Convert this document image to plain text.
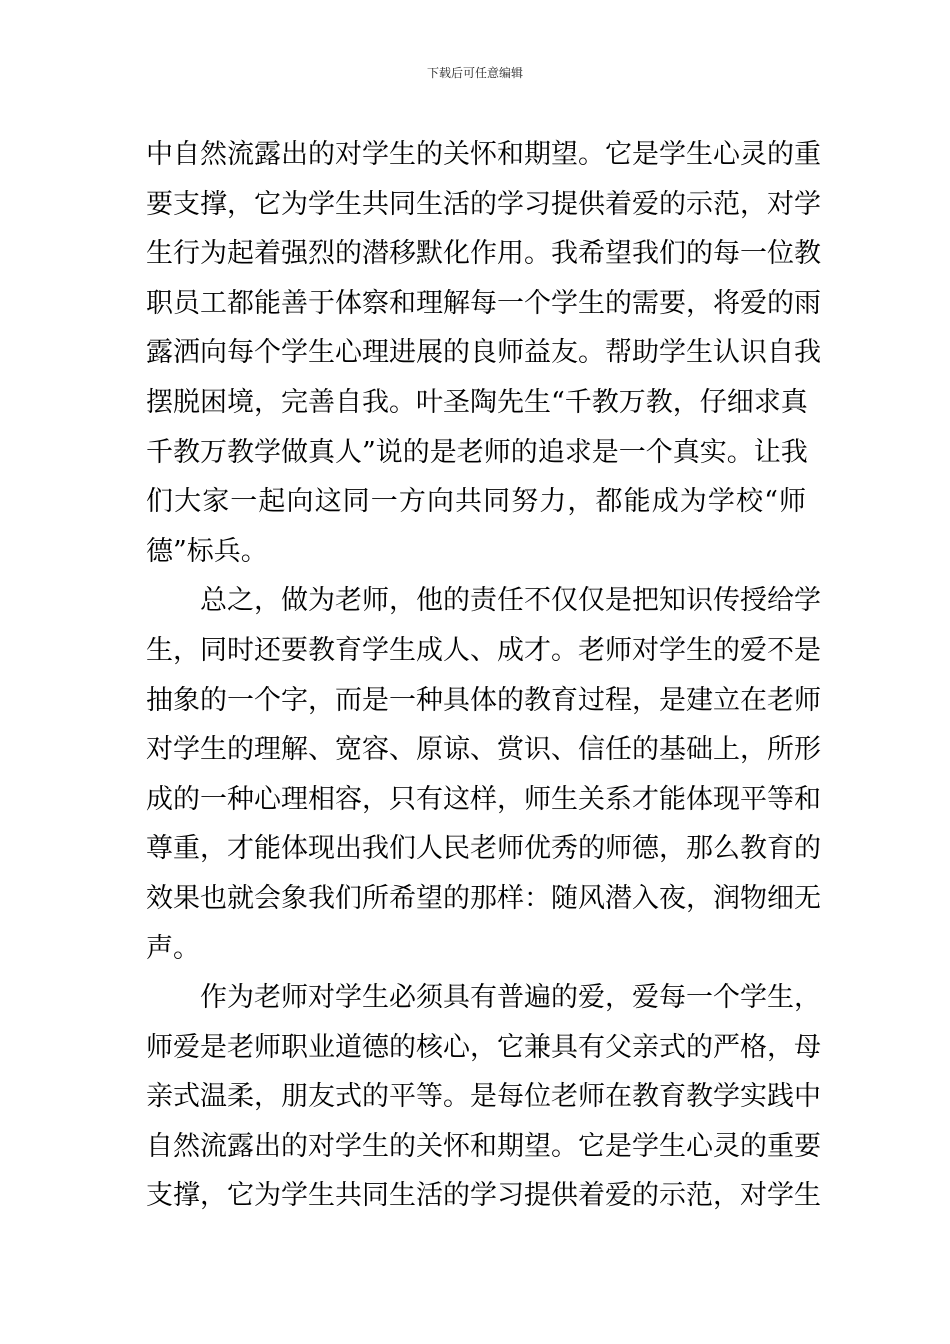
下载后可任意编辑
中自然流露出的对学生的关怀和期望。它是学生心灵的重
要支撑，它为学生共同生活的学习提供着爱的示范，对学
生行为起着强烈的潜移默化作用。我希望我们的每一位教
职员工都能善于体察和理解每一个学生的需要，将爱的雨
露洒向每个学生心理进展的良师益友。帮助学生认识自我
摆脱困境，完善自我。叶圣陶先生“千教万教，仔细求真
千教万教学做真人”说的是老师的追求是一个真实。让我
们大家一起向这同一方向共同努力，都能成为学校“师
德”标兵。
总之，做为老师，他的责任不仅仅是把知识传授给学
生，同时还要教育学生成人、成才。老师对学生的爱不是
抽象的一个字，而是一种具体的教育过程，是建立在老师
对学生的理解、宽容、原谅、赏识、信任的基础上，所形
成的一种心理相容，只有这样，师生关系才能体现平等和
尊重，才能体现出我们人民老师优秀的师德，那么教育的
效果也就会象我们所希望的那样：随风潜入夜，润物细无
声。
作为老师对学生必须具有普遍的爱，爱每一个学生，
师爱是老师职业道德的核心，它兼具有父亲式的严格，母
亲式温柔，朋友式的平等。是每位老师在教育教学实践中
自然流露出的对学生的关怀和期望。它是学生心灵的重要
支撑，它为学生共同生活的学习提供着爱的示范，对学生
